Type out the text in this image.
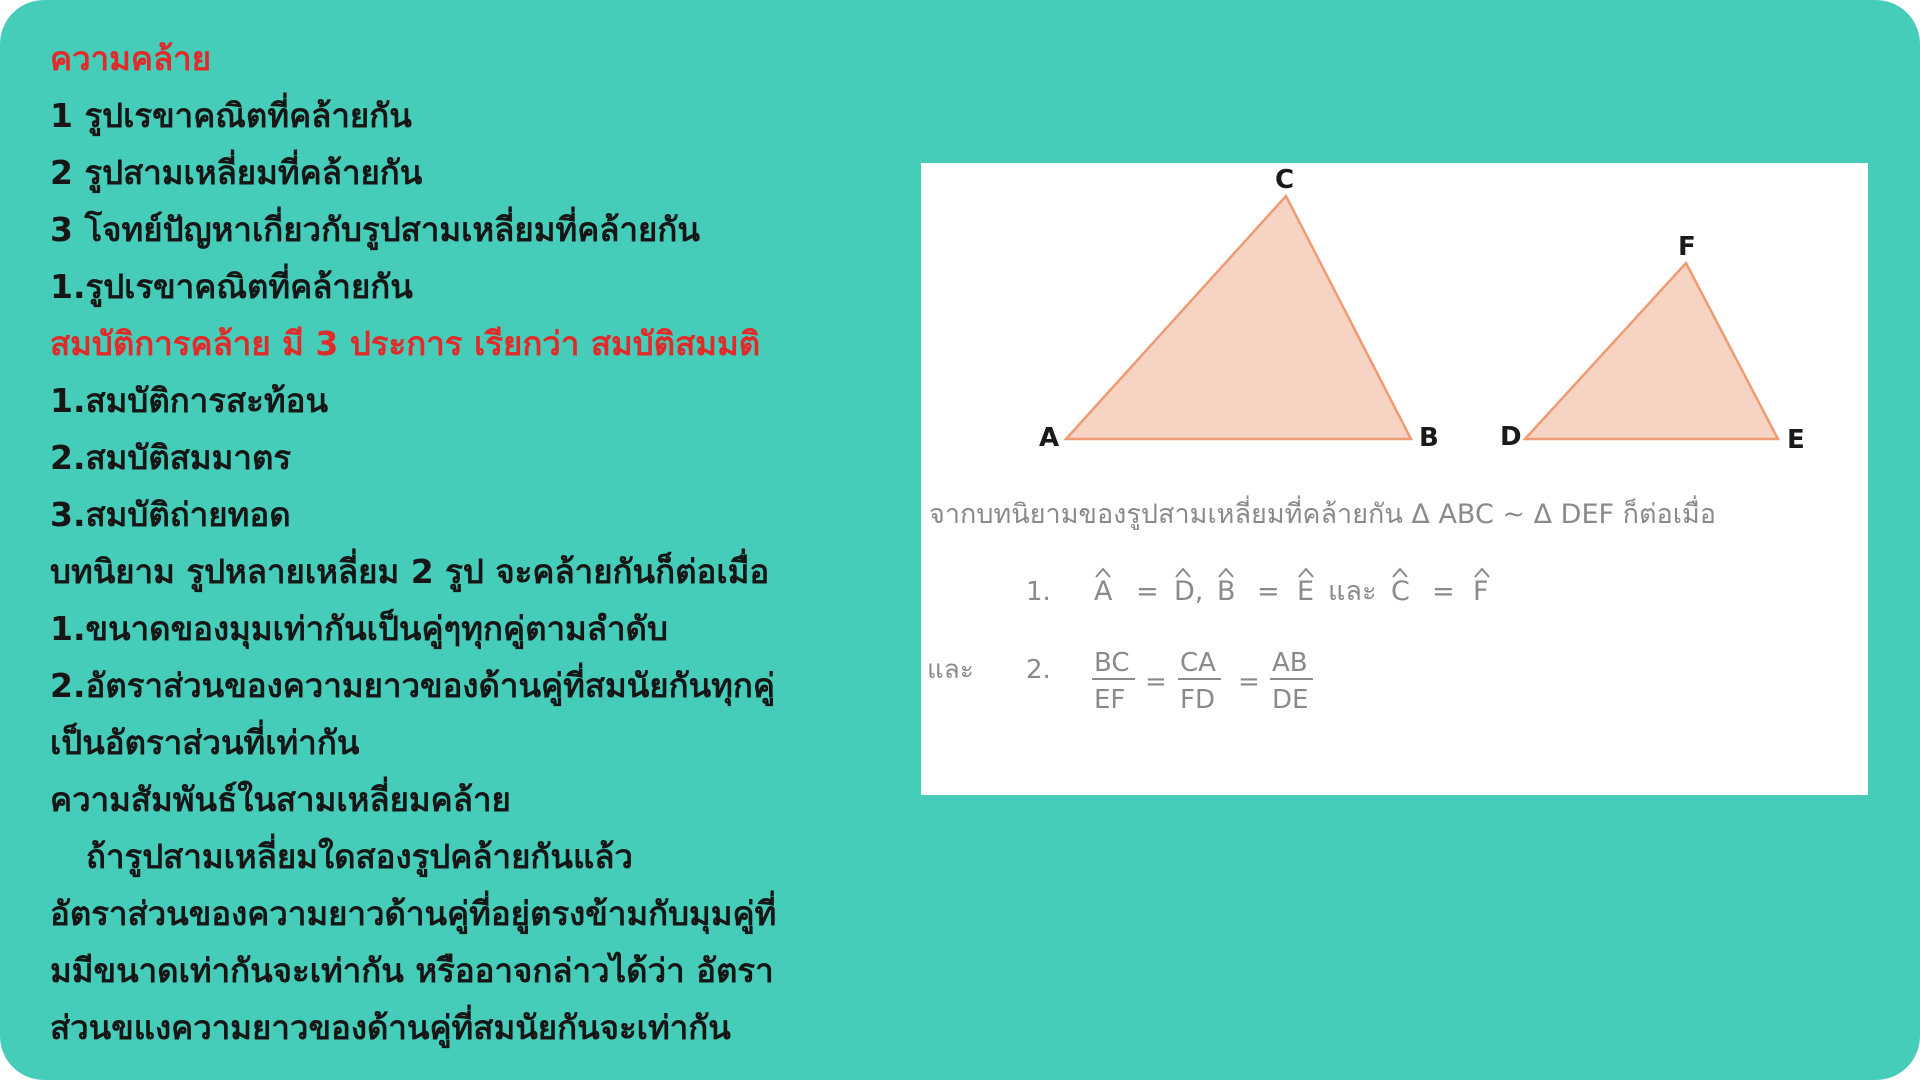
ความคล้าย
1 รูปเรขาคณิตที่คล้ายกัน
2 รูปสามเหลี่ยมที่คล้ายกัน
3 โจทย์ปัญหาเกี่ยวกับรูปสามเหลี่ยมที่คล้ายกัน
1.รูปเรขาคณิตที่คล้ายกัน
สมบัติการคล้าย มี 3 ประการ เรียกว่า สมบัติสมมติ
1.สมบัติการสะท้อน
2.สมบัติสมมาตร
3.สมบัติถ่ายทอด
บทนิยาม รูปหลายเหลี่ยม 2 รูป จะคล้ายกันก็ต่อเมื่อ
1.ขนาดของมุมเท่ากันเป็นคู่ๆทุกคู่ตามลำดับ
2.อัตราส่วนของความยาวของด้านคู่ที่สมนัยกันทุกคู่
เป็นอัตราส่วนที่เท่ากัน
ความสัมพันธ์ในสามเหลี่ยมคล้าย
ถ้ารูปสามเหลี่ยมใดสองรูปคล้ายกันแล้ว
อัตราส่วนของความยาวด้านคู่ที่อยู่ตรงข้ามกับมุมคู่ที่
มมีขนาดเท่ากันจะเท่ากัน หรืออาจกล่าวได้ว่า อัตรา
ส่วนขแงความยาวของด้านคู่ที่สมนัยกันจะเท่ากัน
A	B
C
D	E
F
จากบทนิยามของรูปสามเหลี่ยมที่คล้ายกัน Δ ABC ~ Δ DEF ก็ต่อเมื่อ
1. A = D, B = E และ C = F
และ 2. BC
EF
=
CA
FD
=
AB
DE
